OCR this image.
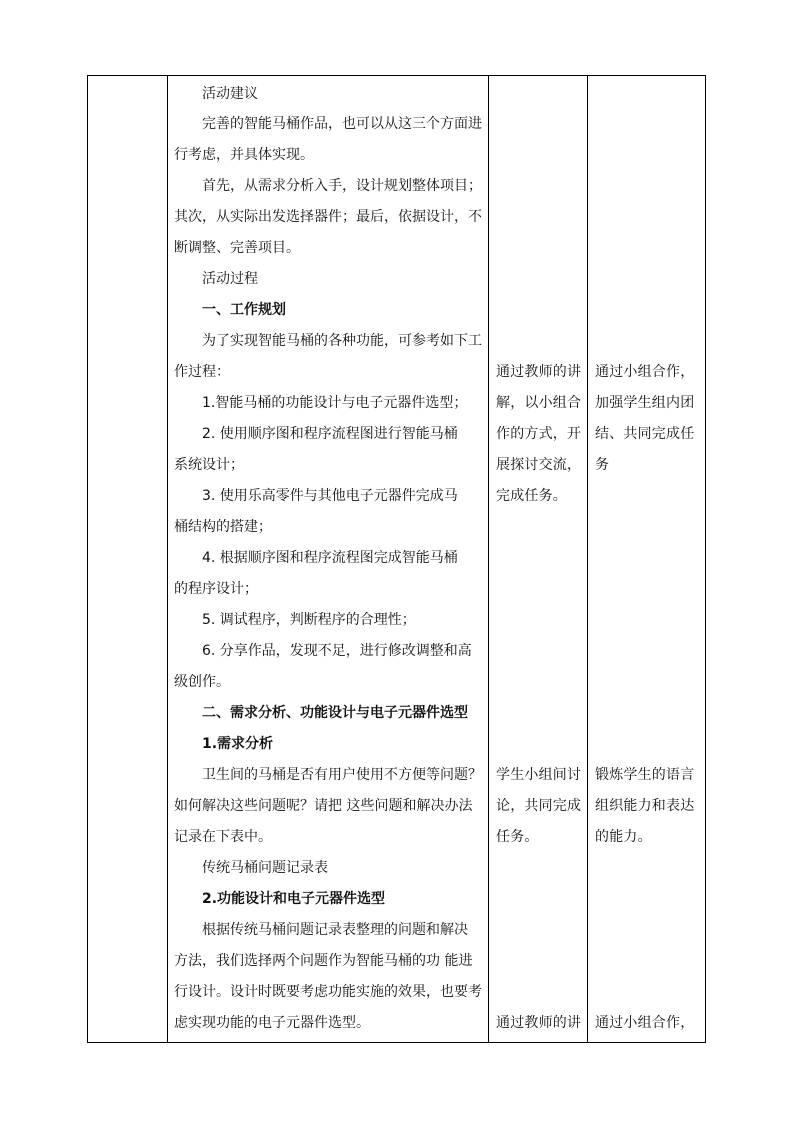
活动建议
完善的智能马桶作品，也可以从这三个方面进
行考虑，并具体实现。
首先，从需求分析入手，设计规划整体项目；
其次，从实际出发选择器件；最后，依据设计，不
断调整、完善项目。
活动过程
一、工作规划
为了实现智能马桶的各种功能，可参考如下工
作过程：
1.智能马桶的功能设计与电子元器件选型；
2. 使用顺序图和程序流程图进行智能马桶
系统设计；
3. 使用乐高零件与其他电子元器件完成马
桶结构的搭建；
4. 根据顺序图和程序流程图完成智能马桶
的程序设计；
5. 调试程序，判断程序的合理性；
6. 分享作品，发现不足，进行修改调整和高
级创作。
二、需求分析、功能设计与电子元器件选型
1.需求分析
卫生间的马桶是否有用户使用不方便等问题？
如何解决这些问题呢？请把 这些问题和解决办法
记录在下表中。
传统马桶问题记录表
2.功能设计和电子元器件选型
根据传统马桶问题记录表整理的问题和解决
方法，我们选择两个问题作为智能马桶的功 能进
行设计。设计时既要考虑功能实施的效果，也要考
虑实现功能的电子元器件选型。
通过教师的讲
解，以小组合
作的方式，开
展探讨交流，
完成任务。
学生小组间讨
论，共同完成
任务。
通过教师的讲
通过小组合作，
加强学生组内团
结、共同完成任
务
锻炼学生的语言
组织能力和表达
的能力。
通过小组合作，
